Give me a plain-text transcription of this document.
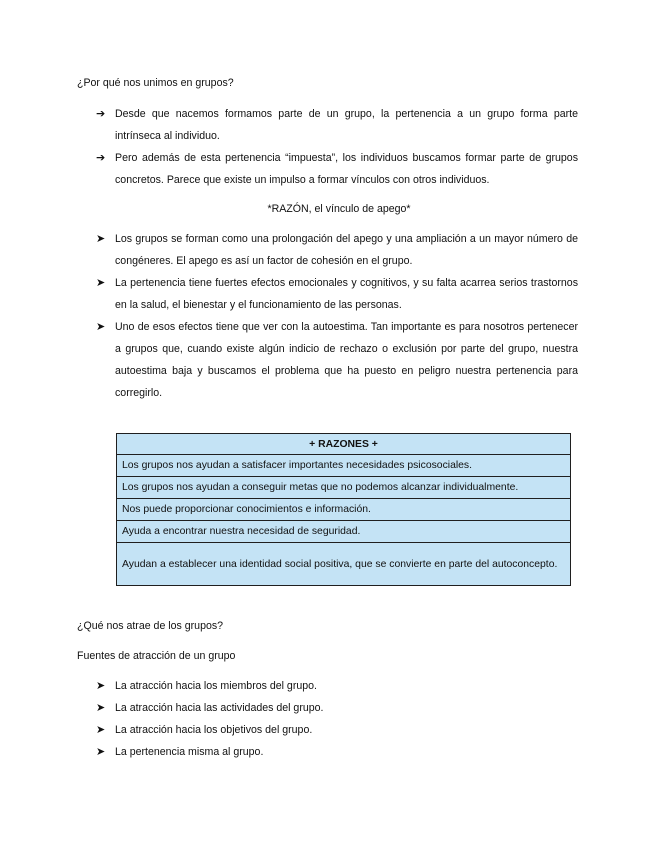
¿Por qué nos unimos en grupos?
➔ Desde que nacemos formamos parte de un grupo, la pertenencia a un grupo forma parte intrínseca al individuo.
➔ Pero además de esta pertenencia “impuesta”, los individuos buscamos formar parte de grupos concretos. Parece que existe un impulso a formar vínculos con otros individuos.

*RAZÓN, el vínculo de apego*

➤ Los grupos se forman como una prolongación del apego y una ampliación a un mayor número de congéneres. El apego es así un factor de cohesión en el grupo.
➤ La pertenencia tiene fuertes efectos emocionales y cognitivos, y su falta acarrea serios trastornos en la salud, el bienestar y el funcionamiento de las personas.
➤ Uno de esos efectos tiene que ver con la autoestima. Tan importante es para nosotros pertenecer a grupos que, cuando existe algún indicio de rechazo o exclusión por parte del grupo, nuestra autoestima baja y buscamos el problema que ha puesto en peligro nuestra pertenencia para corregirlo.
+ RAZONES +
Los grupos nos ayudan a satisfacer importantes necesidades psicosociales.
Los grupos nos ayudan a conseguir metas que no podemos alcanzar individualmente.
Nos puede proporcionar conocimientos e información.
Ayuda a encontrar nuestra necesidad de seguridad.
Ayudan a establecer una identidad social positiva, que se convierte en parte del autoconcepto.
¿Qué nos atrae de los grupos?

Fuentes de atracción de un grupo

➤ La atracción hacia los miembros del grupo.
➤ La atracción hacia las actividades del grupo.
➤ La atracción hacia los objetivos del grupo.
➤ La pertenencia misma al grupo.
